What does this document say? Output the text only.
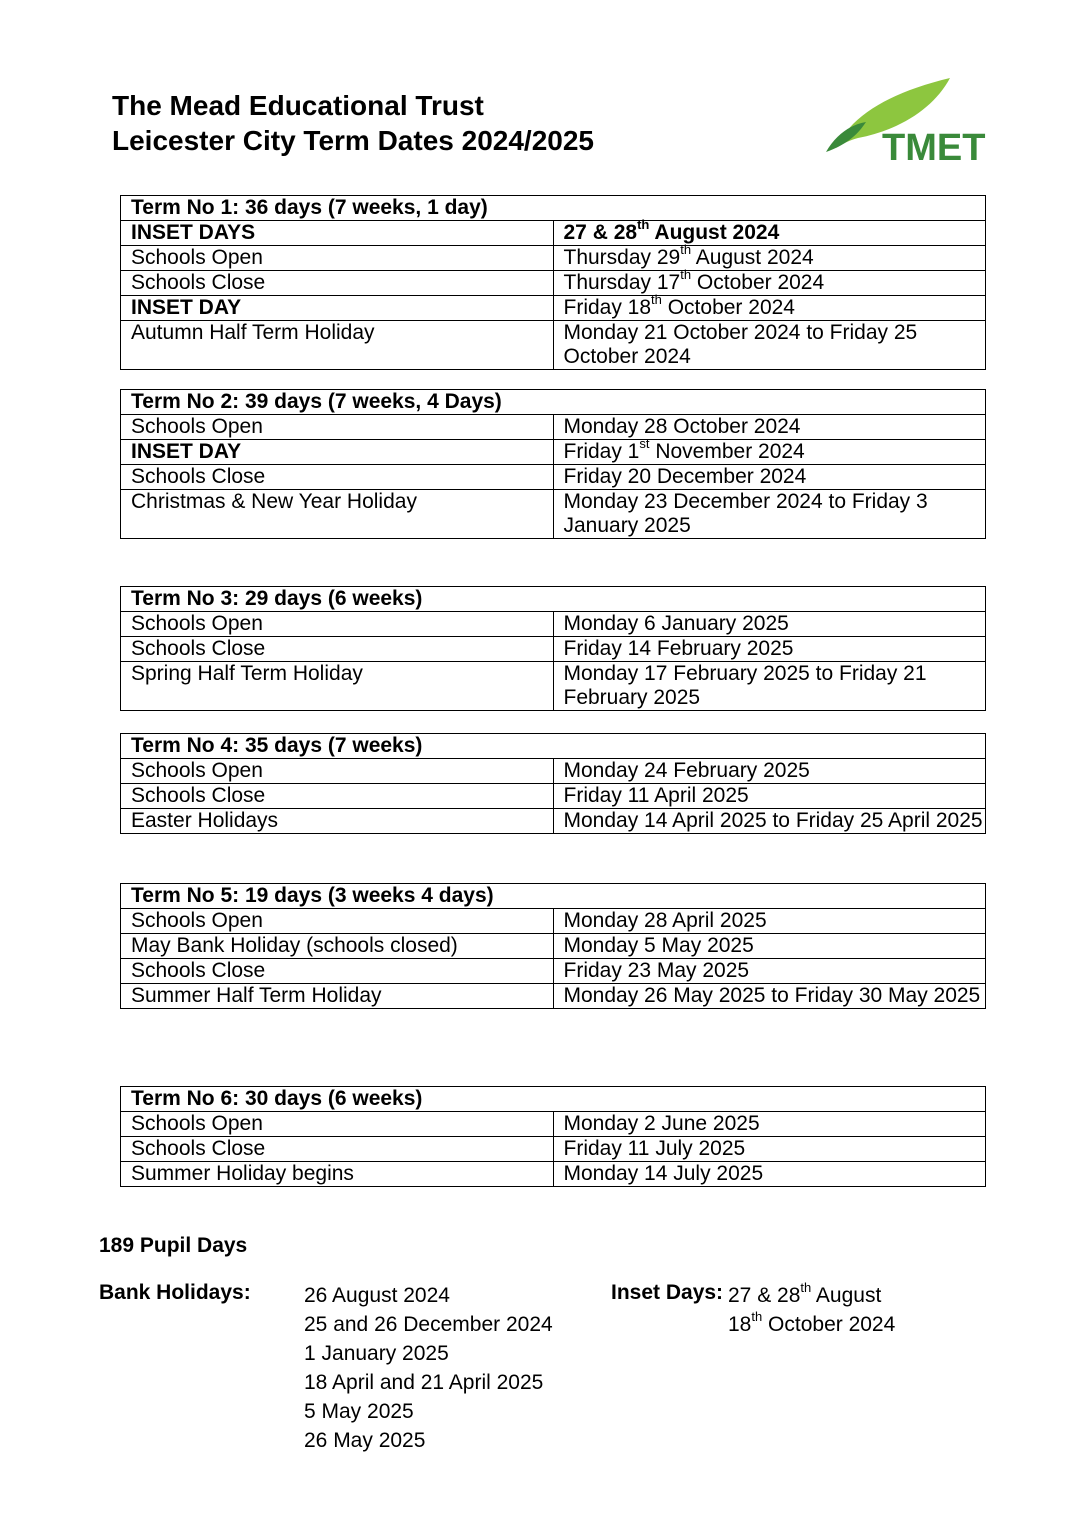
The Mead Educational Trust
Leicester City Term Dates 2024/2025	TMET
Term No 1: 36 days (7 weeks, 1 day)	
INSET DAYS	27 & 28th August 2024
Schools Open	Thursday 29th August 2024
Schools Close	Thursday 17th October 2024
INSET DAY	Friday 18th October 2024
Autumn Half Term Holiday	Monday 21 October 2024 to Friday 25 October 2024
Term No 2: 39 days (7 weeks, 4 Days)	
Schools Open	Monday 28 October 2024
INSET DAY	Friday 1st November 2024
Schools Close	Friday 20 December 2024
Christmas & New Year Holiday	Monday 23 December 2024 to Friday 3 January 2025
Term No 3: 29 days (6 weeks)	
Schools Open	Monday 6 January 2025
Schools Close	Friday 14 February 2025
Spring Half Term Holiday	Monday 17 February 2025 to Friday 21 February 2025
Term No 4: 35 days (7 weeks)	
Schools Open	Monday 24 February 2025
Schools Close	Friday 11 April 2025
Easter Holidays	Monday 14 April 2025 to Friday 25 April 2025
Term No 5: 19 days (3 weeks 4 days)	
Schools Open	Monday 28 April 2025
May Bank Holiday (schools closed)	Monday 5 May 2025
Schools Close	Friday 23 May 2025
Summer Half Term Holiday	Monday 26 May 2025 to Friday 30 May 2025
Term No 6: 30 days (6 weeks)	
Schools Open	Monday 2 June 2025
Schools Close	Friday 11 July 2025
Summer Holiday begins	Monday 14 July 2025

189 Pupil Days

Bank Holidays:	26 August 2024
25 and 26 December 2024
1 January 2025
18 April and 21 April 2025
5 May 2025
26 May 2025
Inset Days: 27 & 28th August
18th October 2024
